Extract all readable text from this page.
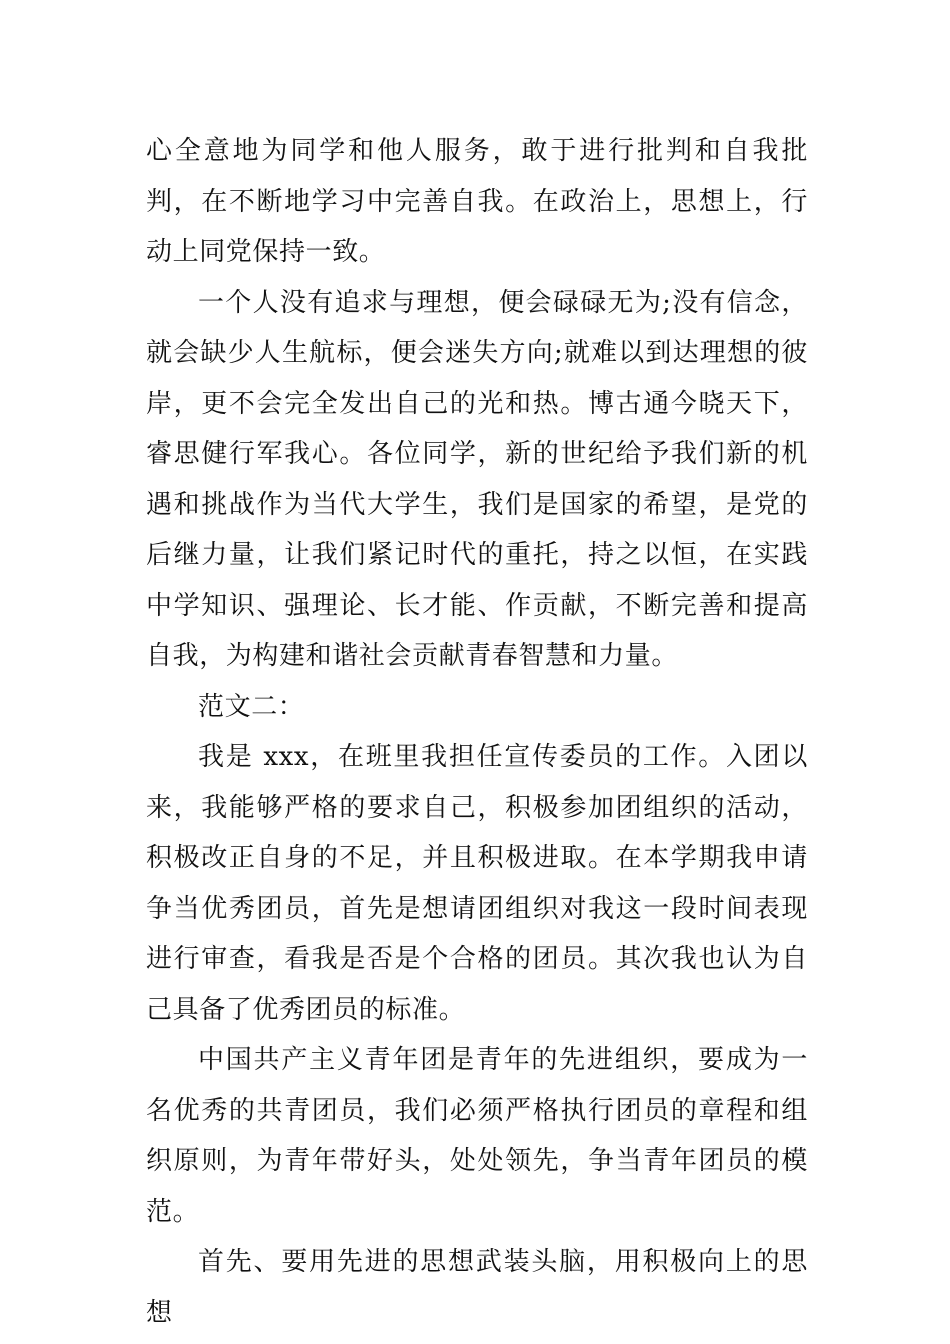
心全意地为同学和他人服务，敢于进行批判和自我批判，在不断地学习中完善自我。在政治上，思想上，行动上同党保持一致。

一个人没有追求与理想，便会碌碌无为;没有信念，就会缺少人生航标，便会迷失方向;就难以到达理想的彼岸，更不会完全发出自己的光和热。博古通今晓天下，睿思健行军我心。各位同学，新的世纪给予我们新的机遇和挑战作为当代大学生，我们是国家的希望，是党的后继力量，让我们紧记时代的重托，持之以恒，在实践中学知识、强理论、长才能、作贡献，不断完善和提高自我，为构建和谐社会贡献青春智慧和力量。

范文二：

我是 xxx，在班里我担任宣传委员的工作。入团以来，我能够严格的要求自己，积极参加团组织的活动，积极改正自身的不足，并且积极进取。在本学期我申请争当优秀团员，首先是想请团组织对我这一段时间表现进行审查，看我是否是个合格的团员。其次我也认为自己具备了优秀团员的标准。

中国共产主义青年团是青年的先进组织，要成为一名优秀的共青团员，我们必须严格执行团员的章程和组织原则，为青年带好头，处处领先，争当青年团员的模范。

首先、要用先进的思想武装头脑，用积极向上的思想
